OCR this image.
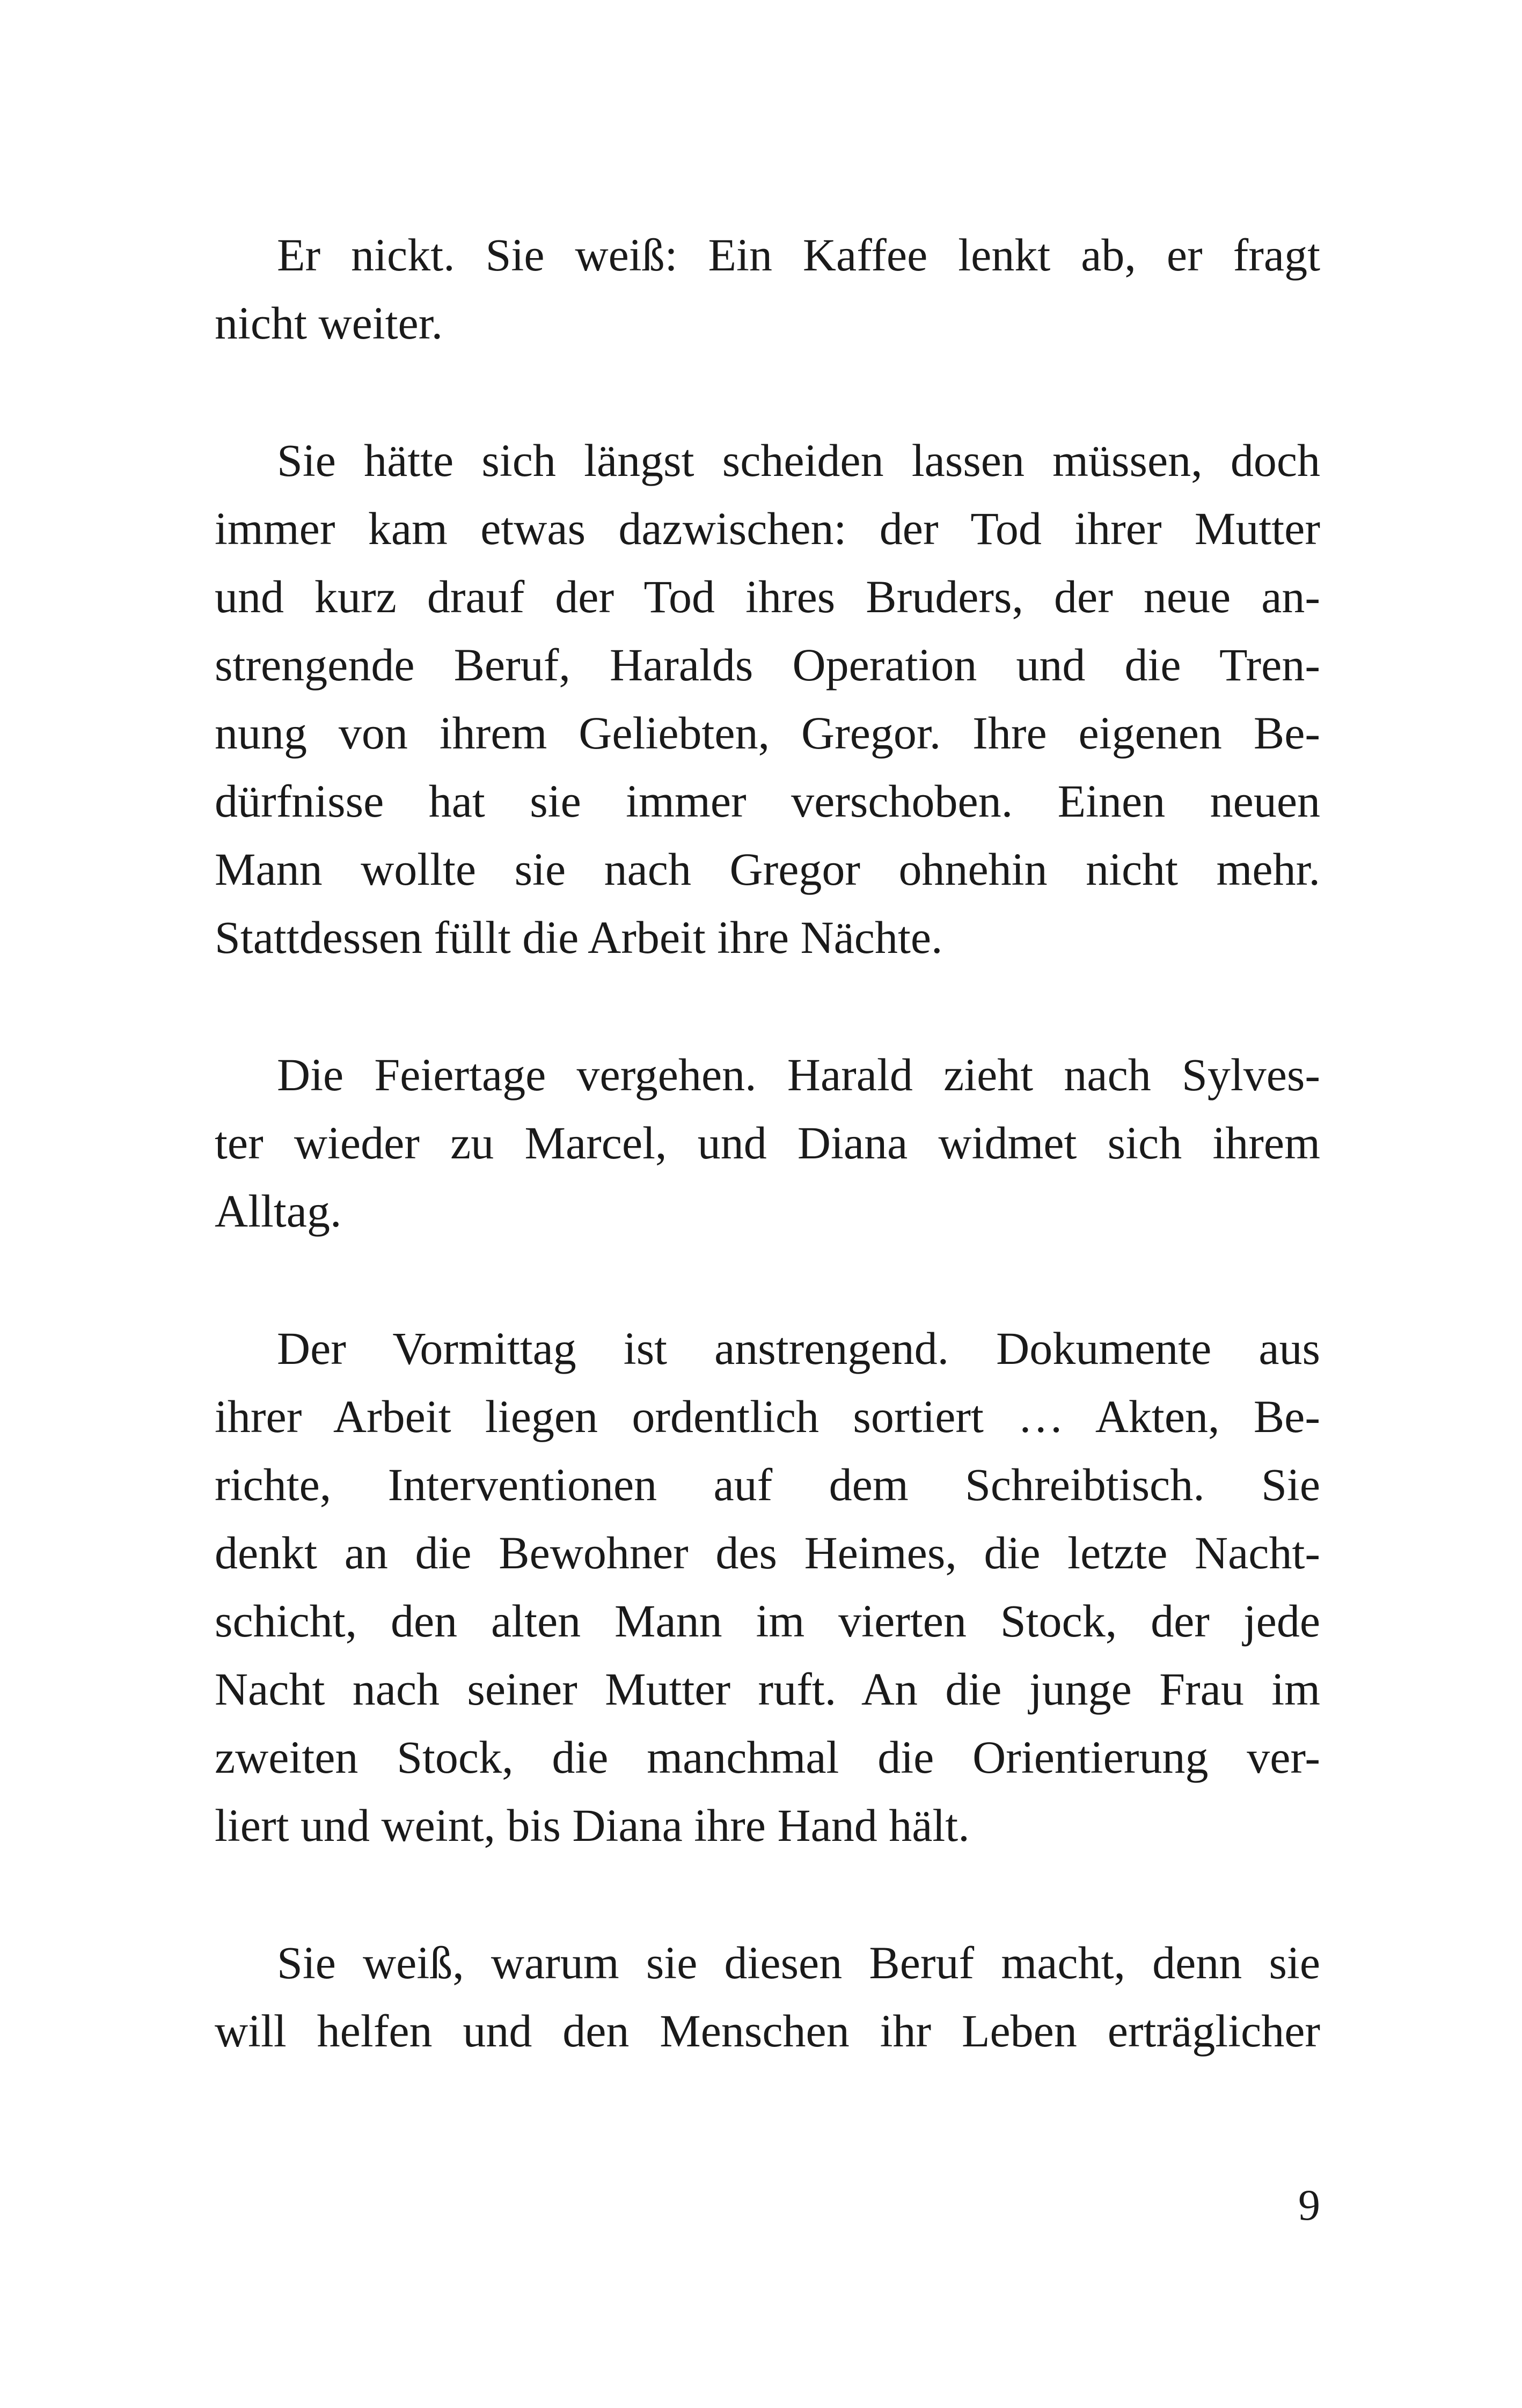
Er nickt. Sie weiß: Ein Kaffee lenkt ab, er fragt
nicht weiter.
Sie hätte sich längst scheiden lassen müssen, doch
immer kam etwas dazwischen: der Tod ihrer Mutter
und kurz drauf der Tod ihres Bruders, der neue an-
strengende Beruf, Haralds Operation und die Tren-
nung von ihrem Geliebten, Gregor. Ihre eigenen Be-
dürfnisse hat sie immer verschoben. Einen neuen
Mann wollte sie nach Gregor ohnehin nicht mehr.
Stattdessen füllt die Arbeit ihre Nächte.
Die Feiertage vergehen. Harald zieht nach Sylves-
ter wieder zu Marcel, und Diana widmet sich ihrem
Alltag.
Der Vormittag ist anstrengend. Dokumente aus
ihrer Arbeit liegen ordentlich sortiert … Akten, Be-
richte, Interventionen auf dem Schreibtisch. Sie
denkt an die Bewohner des Heimes, die letzte Nacht-
schicht, den alten Mann im vierten Stock, der jede
Nacht nach seiner Mutter ruft. An die junge Frau im
zweiten Stock, die manchmal die Orientierung ver-
liert und weint, bis Diana ihre Hand hält.
Sie weiß, warum sie diesen Beruf macht, denn sie
will helfen und den Menschen ihr Leben erträglicher
9
